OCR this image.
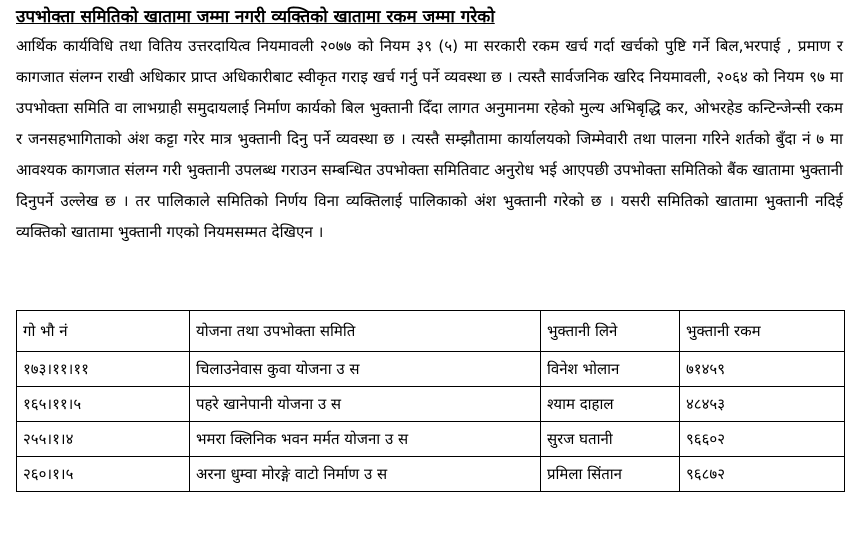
उपभोक्ता समितिको खातामा जम्मा नगरी व्यक्तिको खातामा रकम जम्मा गरेको

आर्थिक कार्यविधि तथा वितिय उत्तरदायित्व नियमावली २०७७ को नियम ३९ (५) मा सरकारी रकम खर्च गर्दा खर्चको पुष्टि गर्ने बिल,भरपाई , प्रमाण र कागजात संलग्न राखी अधिकार प्राप्त अधिकारीबाट स्वीकृत गराइ खर्च गर्नु पर्ने व्यवस्था छ । त्यस्तै सार्वजनिक खरिद नियमावली, २०६४ को नियम ९७ मा उपभोक्ता समिति वा लाभग्राही समुदायलाई निर्माण कार्यको बिल भुक्तानी दिँदा लागत अनुमानमा रहेको मुल्य अभिबृद्धि कर, ओभरहेड कन्टिन्जेन्सी रकम र जनसहभागिताको अंश कट्टा गरेर मात्र भुक्तानी दिनु पर्ने व्यवस्था छ । त्यस्तै सम्झौतामा कार्यालयको जिम्मेवारी तथा पालना गरिने शर्तको बुँदा नं ७ मा आवश्यक कागजात संलग्न गरी भुक्तानी उपलब्ध गराउन सम्बन्धित उपभोक्ता समितिवाट अनुरोध भई आएपछी उपभोक्ता समितिको बैंक खातामा भुक्तानी दिनुपर्ने उल्लेख छ । तर पालिकाले समितिको निर्णय विना व्यक्तिलाई पालिकाको अंश भुक्तानी गरेको छ । यसरी समितिको खातामा भुक्तानी नदिई व्यक्तिको खातामा भुक्तानी गएको नियमसम्मत देखिएन ।

गो भौ नं	योजना तथा उपभोक्ता समिति	भुक्तानी लिने	भुक्तानी रकम
१७३।११।११	चिलाउनेवास कुवा योजना उ स	विनेश भोलान	७१४५९
१६५।११।५	पहरे खानेपानी योजना उ स	श्याम दाहाल	४८४५३
२५५।१।४	भमरा क्लिनिक भवन मर्मत योजना उ स	सुरज घतानी	९६६०२
२६०।१।५	अरना धुम्वा मोरङ्गे वाटो निर्माण उ स	प्रमिला सिंतान	९६८७२
